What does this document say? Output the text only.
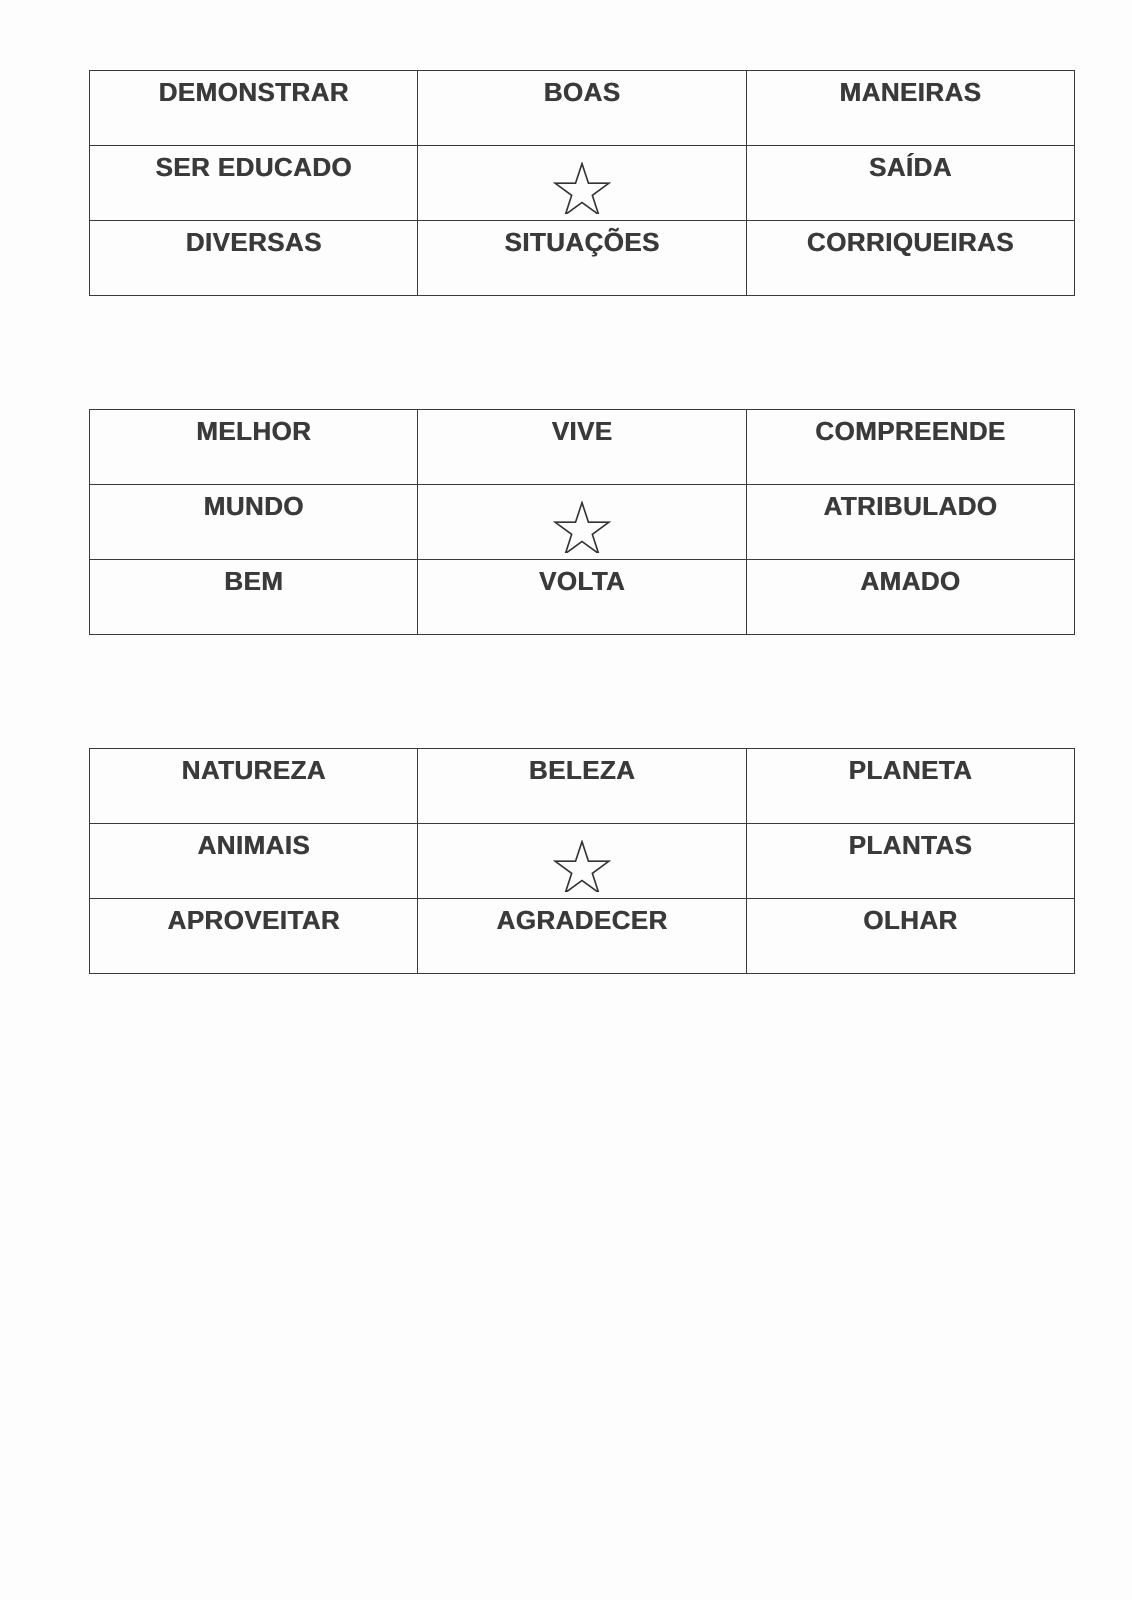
DEMONSTRAR	BOAS	MANEIRAS

SER EDUCADO		SAÍDA

DIVERSAS	SITUAÇÕES	CORRIQUEIRAS
MELHOR	VIVE	COMPREENDE

MUNDO		ATRIBULADO

BEM	VOLTA	AMADO
NATUREZA	BELEZA	PLANETA

ANIMAIS		PLANTAS

APROVEITAR	AGRADECER	OLHAR
